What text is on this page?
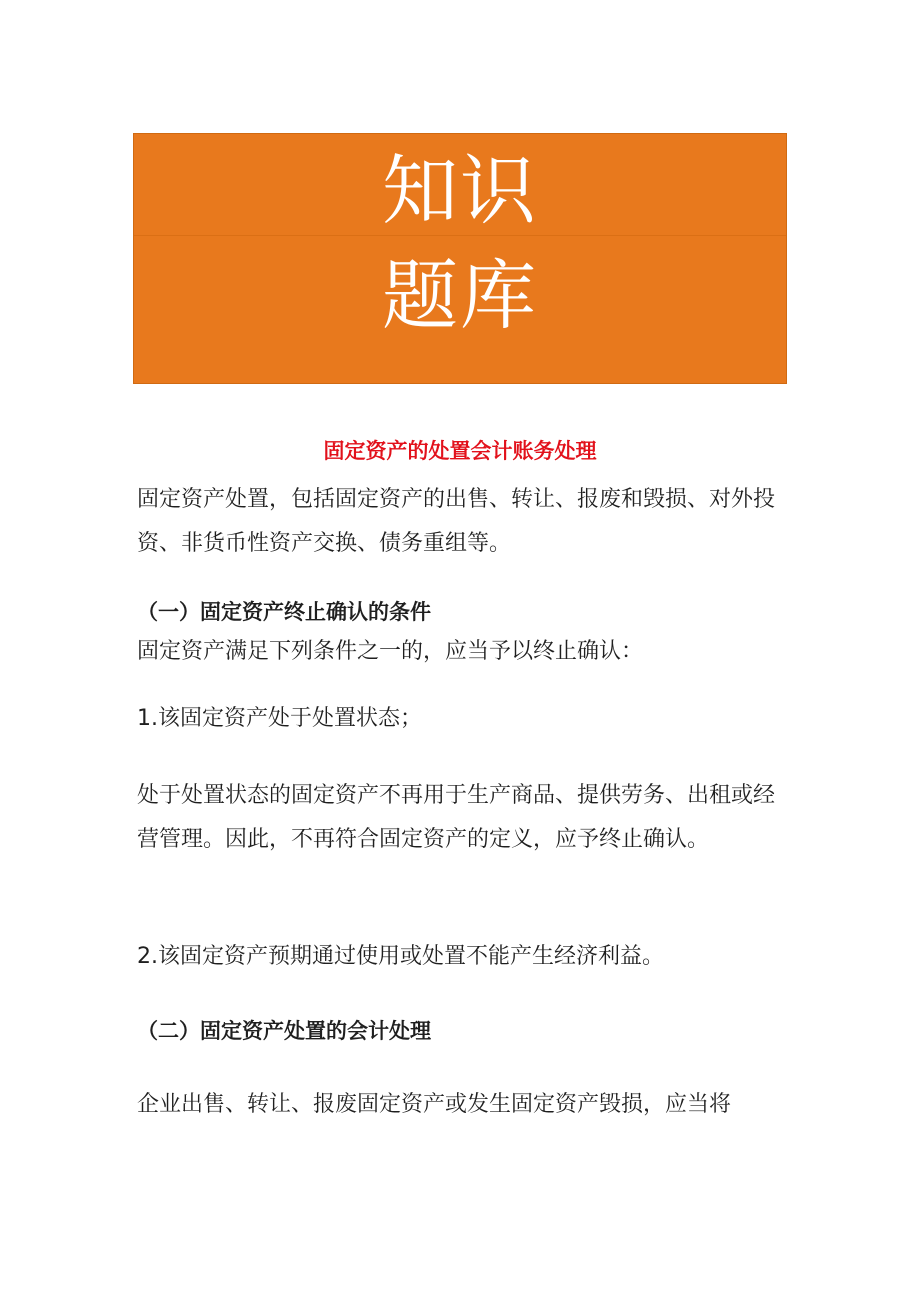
知识
题库
固定资产的处置会计账务处理

固定资产处置，包括固定资产的出售、转让、报废和毁损、对外投资、非货币性资产交换、债务重组等。

（一）固定资产终止确认的条件

固定资产满足下列条件之一的，应当予以终止确认：

1.该固定资产处于处置状态；

处于处置状态的固定资产不再用于生产商品、提供劳务、出租或经营管理。因此，不再符合固定资产的定义，应予终止确认。

2.该固定资产预期通过使用或处置不能产生经济利益。

（二）固定资产处置的会计处理

企业出售、转让、报废固定资产或发生固定资产毁损，应当将
